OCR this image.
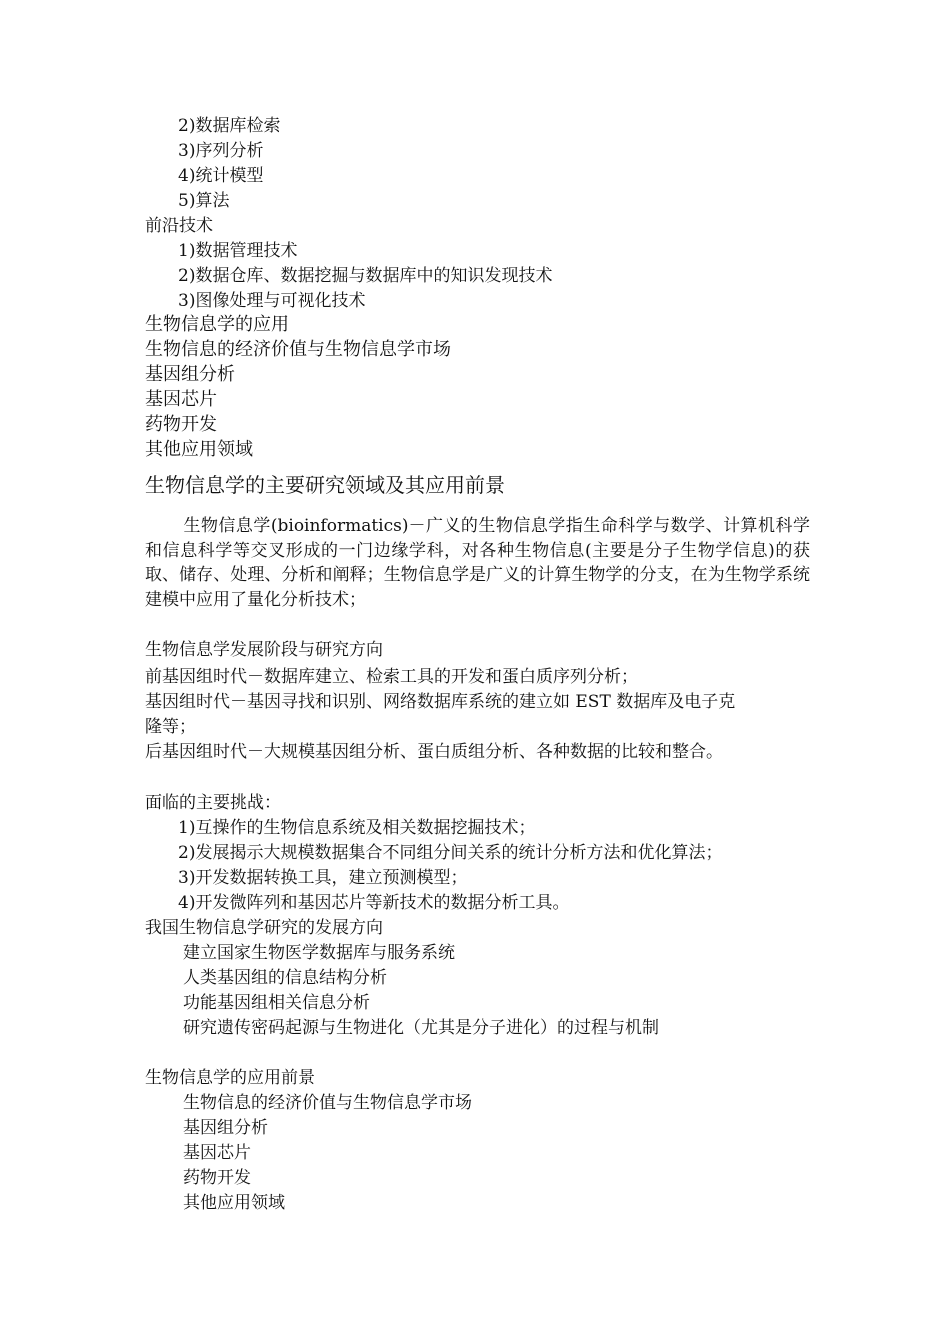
2)数据库检索
3)序列分析
4)统计模型
5)算法
前沿技术
1)数据管理技术
2)数据仓库、数据挖掘与数据库中的知识发现技术
3)图像处理与可视化技术
生物信息学的应用
生物信息的经济价值与生物信息学市场
基因组分析
基因芯片
药物开发
其他应用领域
生物信息学的主要研究领域及其应用前景
生物信息学(bioinformatics)－广义的生物信息学指生命科学与数学、计算机科学和信息科学等交叉形成的一门边缘学科，对各种生物信息(主要是分子生物学信息)的获取、储存、处理、分析和阐释；生物信息学是广义的计算生物学的分支，在为生物学系统建模中应用了量化分析技术；
生物信息学发展阶段与研究方向
前基因组时代－数据库建立、检索工具的开发和蛋白质序列分析；
基因组时代－基因寻找和识别、网络数据库系统的建立如 EST 数据库及电子克
隆等；
后基因组时代－大规模基因组分析、蛋白质组分析、各种数据的比较和整合。
面临的主要挑战：
1)互操作的生物信息系统及相关数据挖掘技术；
2)发展揭示大规模数据集合不同组分间关系的统计分析方法和优化算法；
3)开发数据转换工具，建立预测模型；
4)开发微阵列和基因芯片等新技术的数据分析工具。
我国生物信息学研究的发展方向
建立国家生物医学数据库与服务系统
人类基因组的信息结构分析
功能基因组相关信息分析
研究遗传密码起源与生物进化（尤其是分子进化）的过程与机制
生物信息学的应用前景
生物信息的经济价值与生物信息学市场
基因组分析
基因芯片
药物开发
其他应用领域
